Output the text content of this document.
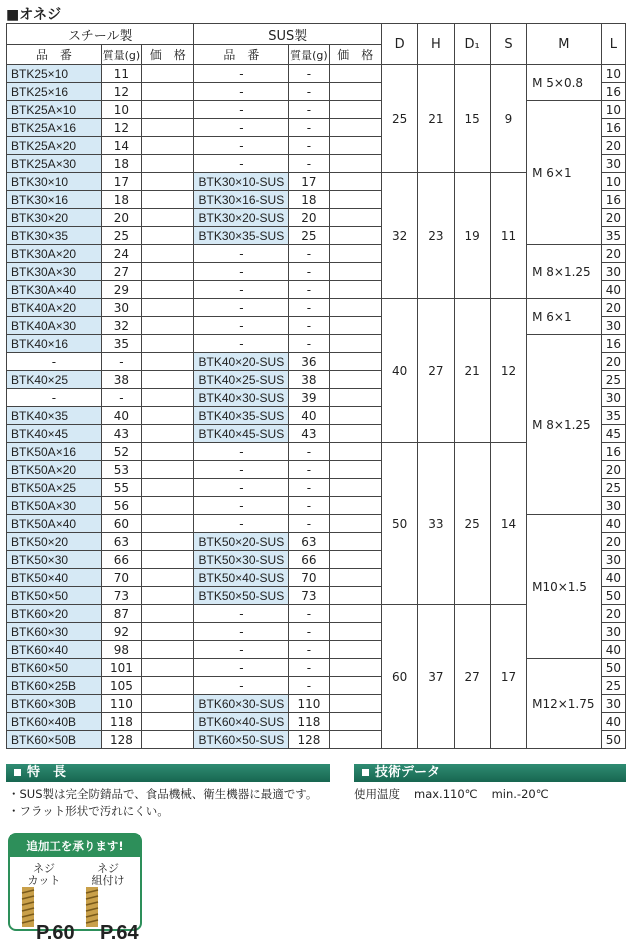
■オネジ
スチール製			SUS製			D	H	D₁	S	M	L
品　番	質量(g)	価　格	品　番	質量(g)	価　格						
BTK25×10	11		-	-		25	21	15	9	M 5×0.8	10
BTK25×16	12		-	-							16
BTK25A×10	10		-	-						M 6×1	10
BTK25A×16	12		-	-							16
BTK25A×20	14		-	-							20
BTK25A×30	18		-	-							30
BTK30×10	17		BTK30×10-SUS	17		32	23	19	11		10
BTK30×16	18		BTK30×16-SUS	18							16
BTK30×20	20		BTK30×20-SUS	20							20
BTK30×35	25		BTK30×35-SUS	25							35
BTK30A×20	24		-	-						M 8×1.25	20
BTK30A×30	27		-	-							30
BTK30A×40	29		-	-							40
BTK40A×20	30		-	-		40	27	21	12	M 6×1	20
BTK40A×30	32		-	-							30
BTK40×16	35		-	-						M 8×1.25	16
-	-		BTK40×20-SUS	36							20
BTK40×25	38		BTK40×25-SUS	38							25
-	-		BTK40×30-SUS	39							30
BTK40×35	40		BTK40×35-SUS	40							35
BTK40×45	43		BTK40×45-SUS	43							45
BTK50A×16	52		-	-		50	33	25	14		16
BTK50A×20	53		-	-							20
BTK50A×25	55		-	-							25
BTK50A×30	56		-	-							30
BTK50A×40	60		-	-						M10×1.5	40
BTK50×20	63		BTK50×20-SUS	63							20
BTK50×30	66		BTK50×30-SUS	66							30
BTK50×40	70		BTK50×40-SUS	70							40
BTK50×50	73		BTK50×50-SUS	73							50
BTK60×20	87		-	-		60	37	27	17		20
BTK60×30	92		-	-							30
BTK60×40	98		-	-							40
BTK60×50	101		-	-						M12×1.75	50
BTK60×25B	105		-	-							25
BTK60×30B	110		BTK60×30-SUS	110							30
BTK60×40B	118		BTK60×40-SUS	118							40
BTK60×50B	128		BTK60×50-SUS	128							50
特　長
・SUS製は完全防錆品で、食品機械、衛生機器に最適です。
・フラット形状で汚れにくい。
技術データ
使用温度 max.110℃ min.-20℃
追加工を承ります!
ネジ
カット
P.60
ネジ
組付け
P.64
